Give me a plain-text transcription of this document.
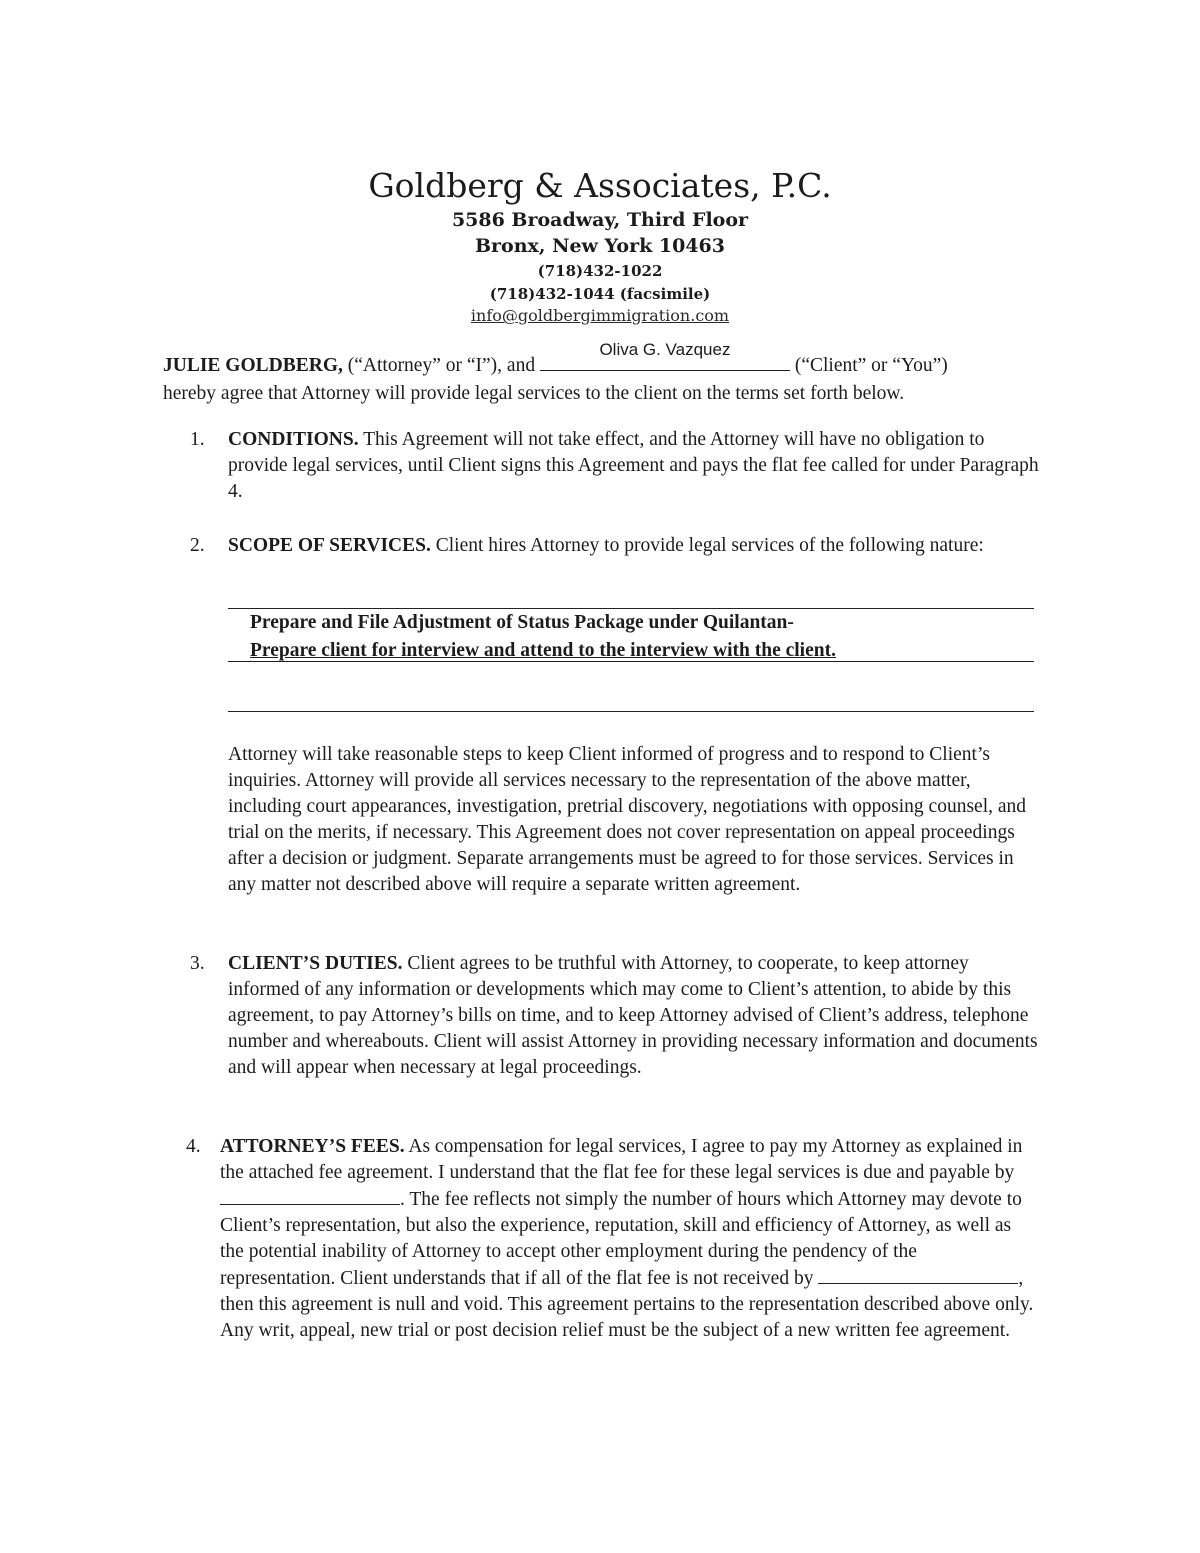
Goldberg & Associates, P.C.
5586 Broadway, Third Floor
Bronx, New York 10463
(718)432-1022
(718)432-1044 (facsimile)
info@goldbergimmigration.com
JULIE GOLDBERG, (“Attorney” or “I”), and
Oliva G. Vazquez
(“Client” or “You”)
hereby agree that Attorney will provide legal services to the client on the terms set forth below.
1.	CONDITIONS. This Agreement will not take effect, and the Attorney will have no obligation to provide legal services, until Client signs this Agreement and pays the flat fee called for under Paragraph 4.
2.	SCOPE OF SERVICES. Client hires Attorney to provide legal services of the following nature:
Prepare and File Adjustment of Status Package under Quilantan-
Prepare client for interview and attend to the interview with the client.
Attorney will take reasonable steps to keep Client informed of progress and to respond to Client’s inquiries. Attorney will provide all services necessary to the representation of the above matter, including court appearances, investigation, pretrial discovery, negotiations with opposing counsel, and trial on the merits, if necessary. This Agreement does not cover representation on appeal proceedings after a decision or judgment. Separate arrangements must be agreed to for those services. Services in any matter not described above will require a separate written agreement.
3.	CLIENT’S DUTIES. Client agrees to be truthful with Attorney, to cooperate, to keep attorney informed of any information or developments which may come to Client’s attention, to abide by this agreement, to pay Attorney’s bills on time, and to keep Attorney advised of Client’s address, telephone number and whereabouts. Client will assist Attorney in providing necessary information and documents and will appear when necessary at legal proceedings.
4. ATTORNEY’S FEES. As compensation for legal services, I agree to pay my Attorney as explained in the attached fee agreement. I understand that the flat fee for these legal services is due and payable by . The fee reflects not simply the number of hours which Attorney may devote to Client’s representation, but also the experience, reputation, skill and efficiency of Attorney, as well as the potential inability of Attorney to accept other employment during the pendency of the representation. Client understands that if all of the flat fee is not received by	, then this agreement is null and void. This agreement pertains to the representation described above only. Any writ, appeal, new trial or post decision relief must be the subject of a new written fee agreement.
